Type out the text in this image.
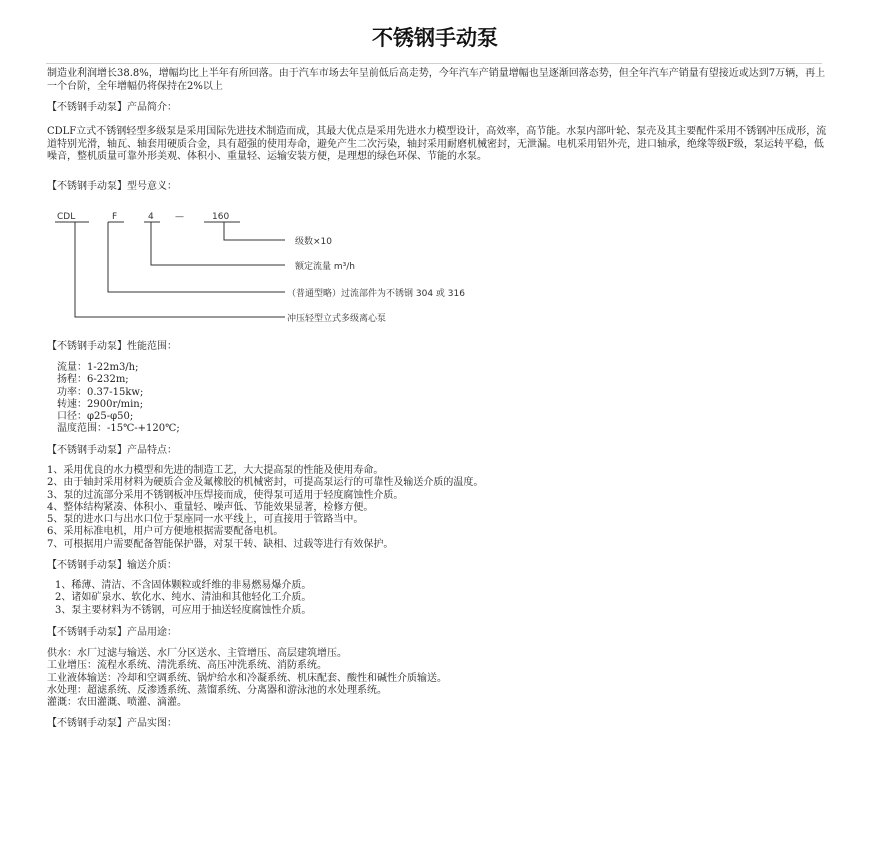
不锈钢手动泵

制造业利润增长38.8%，增幅均比上半年有所回落。由于汽车市场去年呈前低后高走势，今年汽车产销量增幅也呈逐渐回落态势，但全年汽车产销量有望接近或达到7万辆，再上一个台阶，全年增幅仍将保持在2%以上

【不锈钢手动泵】产品简介：

CDLF立式不锈钢轻型多级泵是采用国际先进技术制造而成，其最大优点是采用先进水力模型设计，高效率，高节能。水泵内部叶轮、泵壳及其主要配件采用不锈钢冲压成形，流道特别光滑，轴瓦、轴套用硬质合金，具有超强的使用寿命，避免产生二次污染，轴封采用耐磨机械密封，无泄漏。电机采用铝外壳，进口轴承，绝缘等级F级，泵运转平稳，低噪音，整机质量可靠外形美观、体积小、重量轻、运输安装方便，是理想的绿色环保、节能的水泵。

【不锈钢手动泵】型号意义：

CDL	F	4 —	160
级数×10
额定流量 m³/h
（普通型略）过流部件为不锈钢 304 或 316
冲压轻型立式多级离心泵

【不锈钢手动泵】性能范围：

流量：1-22m3/h;
扬程：6-232m;
功率：0.37-15kw;
转速：2900r/min;
口径：φ25-φ50;
温度范围：-15℃-+120℃;

【不锈钢手动泵】产品特点：

1、采用优良的水力模型和先进的制造工艺，大大提高泵的性能及使用寿命。
2、由于轴封采用材料为硬质合金及氟橡胶的机械密封，可提高泵运行的可靠性及输送介质的温度。
3、泵的过流部分采用不锈钢板冲压焊接而成，使得泵可适用于轻度腐蚀性介质。
4、整体结构紧凑、体积小、重量轻、噪声低、节能效果显著，检修方便。
5、泵的进水口与出水口位于泵座同一水平线上，可直接用于管路当中。
6、采用标准电机，用户可方便地根据需要配备电机。
7、可根据用户需要配备智能保护器，对泵干转、缺相、过载等进行有效保护。

【不锈钢手动泵】输送介质：

1、稀薄、清洁、不含固体颗粒或纤维的非易燃易爆介质。
2、诸如矿泉水、软化水、纯水、清油和其他轻化工介质。
3、泵主要材料为不锈钢，可应用于抽送轻度腐蚀性介质。

【不锈钢手动泵】产品用途：

供水：水厂过滤与输送、水厂分区送水、主管增压、高层建筑增压。
工业增压：流程水系统、清洗系统、高压冲洗系统、消防系统。
工业液体输送：冷却和空调系统、锅炉给水和冷凝系统、机床配套、酸性和碱性介质输送。
水处理：超滤系统、反渗透系统、蒸馏系统、分离器和游泳池的水处理系统。
灌溉：农田灌溉、喷灌、滴灌。

【不锈钢手动泵】产品实图：
